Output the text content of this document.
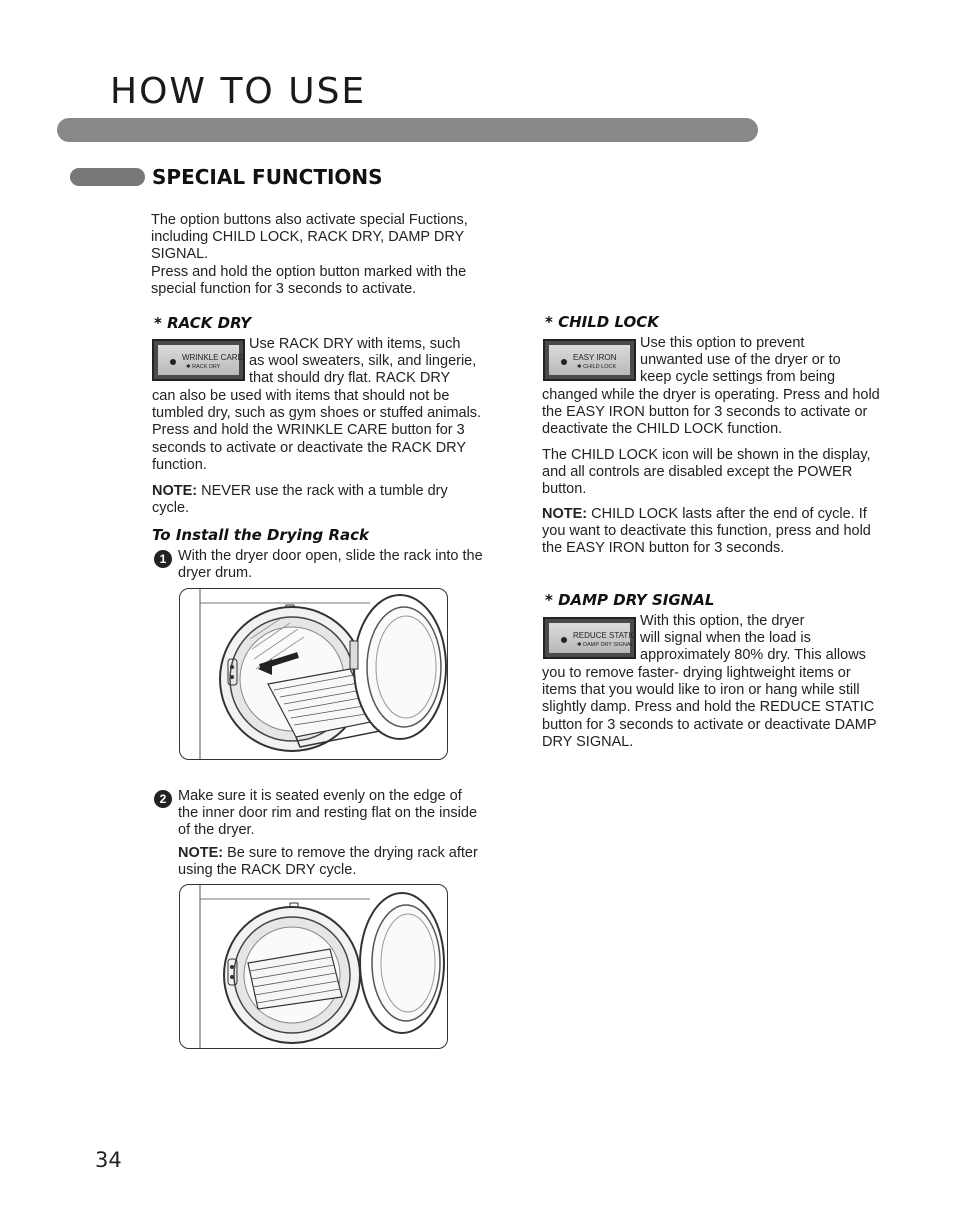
HOW TO USE
SPECIAL FUNCTIONS

The option buttons also activate special Fuctions, including CHILD LOCK, RACK DRY, DAMP DRY SIGNAL.

Press and hold the option button marked with the special function for 3 seconds to activate.

* RACK DRY
WRINKLE CARE
✱ RACK DRY

Use RACK DRY with items, such

as wool sweaters, silk, and lingerie,

that should dry flat. RACK DRY

can also be used with items that should not be tumbled dry, such as gym shoes or stuffed animals. Press and hold the WRINKLE CARE button for 3 seconds to activate or deactivate the RACK DRY function.

NOTE: NEVER use the rack with a tumble dry cycle.

To Install the Drying Rack
1 With the dryer door open, slide the rack into the dryer drum.

2 Make sure it is seated evenly on the edge of the inner door rim and resting flat on the inside of the dryer.

NOTE: Be sure to remove the drying rack after using the RACK DRY cycle.

* CHILD LOCK
EASY IRON
✱ CHILD LOCK

Use this option to prevent

unwanted use of the dryer or to

keep cycle settings from being

changed while the dryer is operating. Press and hold the EASY IRON button for 3 seconds to activate or deactivate the CHILD LOCK function.

The CHILD LOCK icon will be shown in the display, and all controls are disabled except the POWER button.

NOTE: CHILD LOCK lasts after the end of cycle. If you want to deactivate this function, press and hold the EASY IRON button for 3 seconds.

* DAMP DRY SIGNAL
REDUCE STATIC
✱ DAMP DRY SIGNAL

With this option, the dryer

will signal when the load is

approximately 80% dry. This allows

you to remove faster- drying lightweight items or items that you would like to iron or hang while still slightly damp. Press and hold the REDUCE STATIC button for 3 seconds to activate or deactivate DAMP DRY SIGNAL.

34
